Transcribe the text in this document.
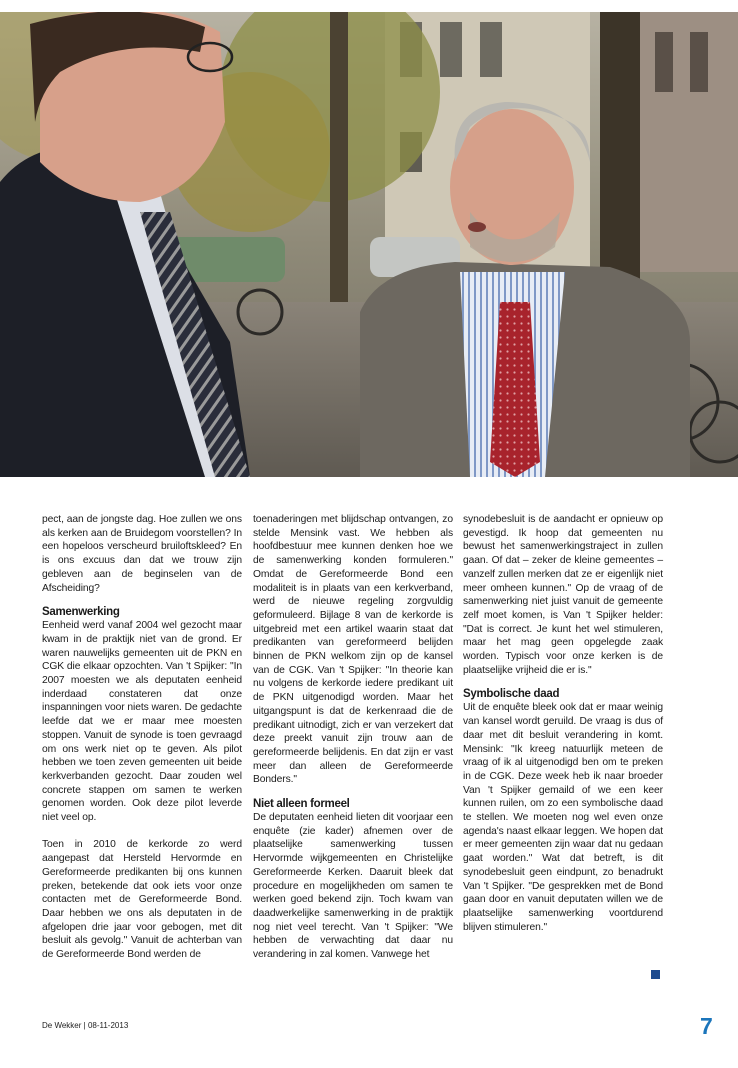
pect, aan de jongste dag. Hoe zullen we ons als kerken aan de Bruidegom voorstellen? In een hopeloos verscheurd bruiloftskleed? En is ons excuus dan dat we trouw zijn gebleven aan de beginselen van de Afscheiding?

Samenwerking

Eenheid werd vanaf 2004 wel gezocht maar kwam in de praktijk niet van de grond. Er waren nauwelijks gemeenten uit de PKN en CGK die elkaar opzochten. Van 't Spijker: "In 2007 moesten we als deputaten eenheid inderdaad constateren dat onze inspanningen voor niets waren. De gedachte leefde dat we er maar mee moesten stoppen. Vanuit de synode is toen gevraagd om ons werk niet op te geven. Als pilot hebben we toen zeven gemeenten uit beide kerkverbanden gezocht. Daar zouden wel concrete stappen om samen te werken genomen worden. Ook deze pilot leverde niet veel op.

Toen in 2010 de kerkorde zo werd aangepast dat Hersteld Hervormde en Gereformeerde predikanten bij ons kunnen preken, betekende dat ook iets voor onze contacten met de Gereformeerde Bond. Daar hebben we ons als deputaten in de afgelopen drie jaar voor gebogen, met dit besluit als gevolg." Vanuit de achterban van de Gereformeerde Bond werden de

toenaderingen met blijdschap ontvangen, zo stelde Mensink vast. We hebben als hoofdbestuur mee kunnen denken hoe we de samenwerking konden formuleren." Omdat de Gereformeerde Bond een modaliteit is in plaats van een kerkverband, werd de nieuwe regeling zorgvuldig geformuleerd. Bijlage 8 van de kerkorde is uitgebreid met een artikel waarin staat dat predikanten van gereformeerd belijden binnen de PKN welkom zijn op de kansel van de CGK. Van 't Spijker: "In theorie kan nu volgens de kerkorde iedere predikant uit de PKN uitgenodigd worden. Maar het uitgangspunt is dat de kerkenraad die de predikant uitnodigt, zich er van verzekert dat deze preekt vanuit zijn trouw aan de gereformeerde belijdenis. En dat zijn er vast meer dan alleen de Gereformeerde Bonders."

Niet alleen formeel

De deputaten eenheid lieten dit voorjaar een enquête (zie kader) afnemen over de plaatselijke samenwerking tussen Hervormde wijkgemeenten en Christelijke Gereformeerde Kerken. Daaruit bleek dat procedure en mogelijkheden om samen te werken goed bekend zijn. Toch kwam van daadwerkelijke samenwerking in de praktijk nog niet veel terecht. Van 't Spijker: "We hebben de verwachting dat daar nu verandering in zal komen. Vanwege het

synodebesluit is de aandacht er opnieuw op gevestigd. Ik hoop dat gemeenten nu bewust het samenwerkingstraject in zullen gaan. Of dat – zeker de kleine gemeentes – vanzelf zullen merken dat ze er eigenlijk niet meer omheen kunnen." Op de vraag of de samenwerking niet juist vanuit de gemeente zelf moet komen, is Van 't Spijker helder: "Dat is correct. Je kunt het wel stimuleren, maar het mag geen opgelegde zaak worden. Typisch voor onze kerken is de plaatselijke vrijheid die er is."

Symbolische daad

Uit de enquête bleek ook dat er maar weinig van kansel wordt geruild. De vraag is dus of daar met dit besluit verandering in komt. Mensink: "Ik kreeg natuurlijk meteen de vraag of ik al uitgenodigd ben om te preken in de CGK. Deze week heb ik naar broeder Van 't Spijker gemaild of we een keer kunnen ruilen, om zo een symbolische daad te stellen. We moeten nog wel even onze agenda's naast elkaar leggen. We hopen dat er meer gemeenten zijn waar dat nu gedaan gaat worden." Wat dat betreft, is dit synodebesluit geen eindpunt, zo benadrukt Van 't Spijker. "De gesprekken met de Bond gaan door en vanuit deputaten willen we de plaatselijke samenwerking voortdurend blijven stimuleren."

De Wekker | 08-11-2013	7
